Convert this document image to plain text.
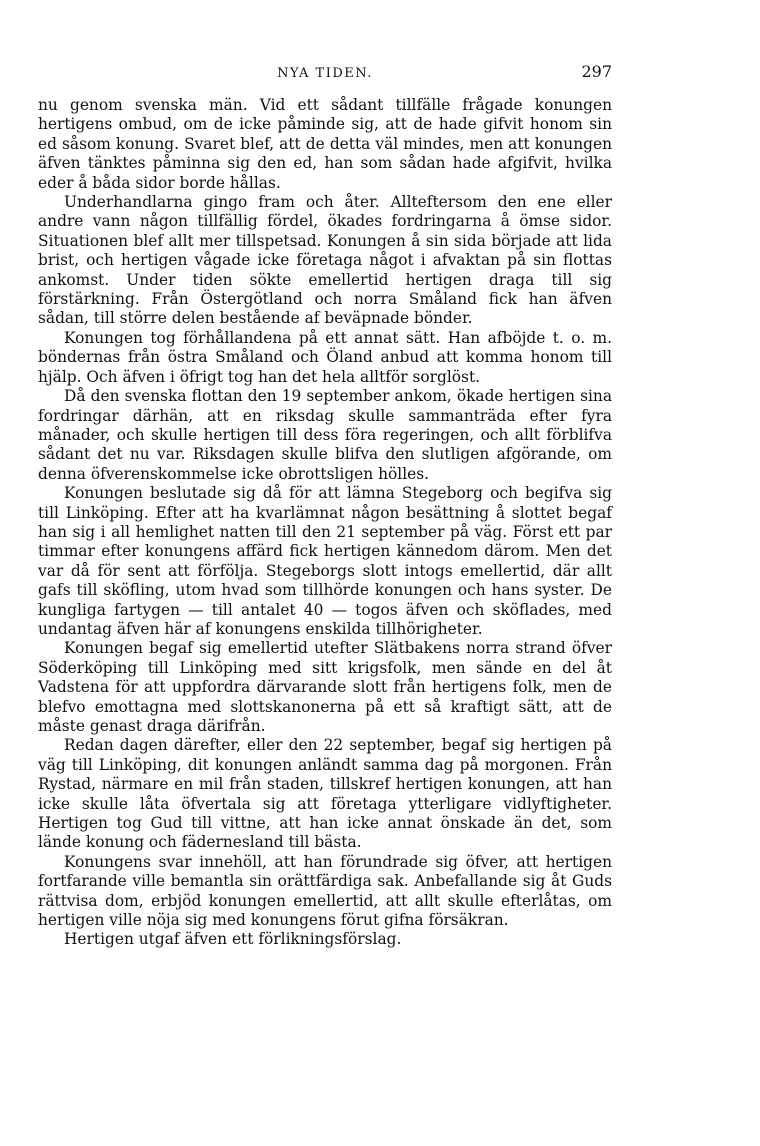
NYA TIDEN.	297

nu genom svenska män. Vid ett sådant tillfälle frågade konungen hertigens ombud, om de icke påminde sig, att de hade gifvit honom sin ed såsom konung. Svaret blef, att de detta väl mindes, men att konungen äfven tänktes påminna sig den ed, han som sådan hade afgifvit, hvilka eder å båda sidor borde hållas.

Underhandlarna gingo fram och åter. Allteftersom den ene eller andre vann någon tillfällig fördel, ökades fordringarna å ömse sidor. Situationen blef allt mer tillspetsad. Konungen å sin sida började att lida brist, och hertigen vågade icke företaga något i afvaktan på sin flottas ankomst. Under tiden sökte emellertid hertigen draga till sig förstärkning. Från Östergötland och norra Småland fick han äfven sådan, till större delen bestående af beväpnade bönder.

Konungen tog förhållandena på ett annat sätt. Han afböjde t. o. m. böndernas från östra Småland och Öland anbud att komma honom till hjälp. Och äfven i öfrigt tog han det hela alltför sorglöst.

Då den svenska flottan den 19 september ankom, ökade hertigen sina fordringar därhän, att en riksdag skulle sammanträda efter fyra månader, och skulle hertigen till dess föra regeringen, och allt förblifva sådant det nu var. Riksdagen skulle blifva den slutligen afgörande, om denna öfverenskommelse icke obrottsligen hölles.

Konungen beslutade sig då för att lämna Stegeborg och begifva sig till Linköping. Efter att ha kvarlämnat någon besättning å slottet begaf han sig i all hemlighet natten till den 21 september på väg. Först ett par timmar efter konungens affärd fick hertigen kännedom därom. Men det var då för sent att förfölja. Stegeborgs slott intogs emellertid, där allt gafs till sköfling, utom hvad som tillhörde konungen och hans syster. De kungliga fartygen — till antalet 40 — togos äfven och sköflades, med undantag äfven här af konungens enskilda tillhörigheter.

Konungen begaf sig emellertid utefter Slätbakens norra strand öfver Söderköping till Linköping med sitt krigsfolk, men sände en del åt Vadstena för att uppfordra därvarande slott från hertigens folk, men de blefvo emottagna med slottskanonerna på ett så kraftigt sätt, att de måste genast draga därifrån.

Redan dagen därefter, eller den 22 september, begaf sig hertigen på väg till Linköping, dit konungen anländt samma dag på morgonen. Från Rystad, närmare en mil från staden, tillskref hertigen konungen, att han icke skulle låta öfvertala sig att företaga ytterligare vidlyftigheter. Hertigen tog Gud till vittne, att han icke annat önskade än det, som lände konung och fädernesland till bästa.

Konungens svar innehöll, att han förundrade sig öfver, att hertigen fortfarande ville bemantla sin orättfärdiga sak. Anbefallande sig åt Guds rättvisa dom, erbjöd konungen emellertid, att allt skulle efterlåtas, om hertigen ville nöja sig med konungens förut gifna försäkran.

Hertigen utgaf äfven ett förlikningsförslag.
